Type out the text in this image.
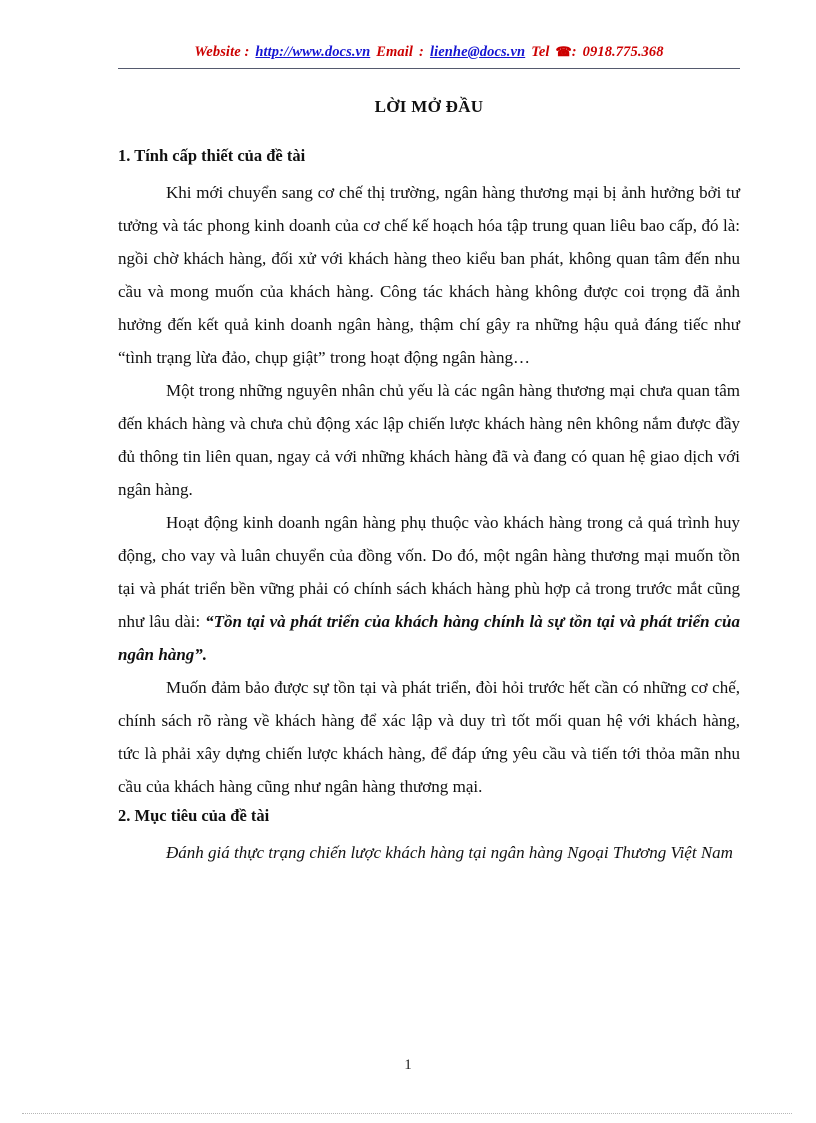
Website : http://www.docs.vn Email : lienhe@docs.vn Tel ☎: 0918.775.368
LỜI MỞ ĐẦU
1. Tính cấp thiết của đề tài

Khi mới chuyển sang cơ chế thị trường, ngân hàng thương mại bị ảnh hưởng bởi tư tưởng và tác phong kinh doanh của cơ chế kế hoạch hóa tập trung quan liêu bao cấp, đó là: ngồi chờ khách hàng, đối xử với khách hàng theo kiểu ban phát, không quan tâm đến nhu cầu và mong muốn của khách hàng. Công tác khách hàng không được coi trọng đã ảnh hưởng đến kết quả kinh doanh ngân hàng, thậm chí gây ra những hậu quả đáng tiếc như “tình trạng lừa đảo, chụp giật” trong hoạt động ngân hàng…

Một trong những nguyên nhân chủ yếu là các ngân hàng thương mại chưa quan tâm đến khách hàng và chưa chủ động xác lập chiến lược khách hàng nên không nắm được đầy đủ thông tin liên quan, ngay cả với những khách hàng đã và đang có quan hệ giao dịch với ngân hàng.

Hoạt động kinh doanh ngân hàng phụ thuộc vào khách hàng trong cả quá trình huy động, cho vay và luân chuyển của đồng vốn. Do đó, một ngân hàng thương mại muốn tồn tại và phát triển bền vững phải có chính sách khách hàng phù hợp cả trong trước mắt cũng như lâu dài: “Tồn tại và phát triển của khách hàng chính là sự tồn tại và phát triển của ngân hàng”.

Muốn đảm bảo được sự tồn tại và phát triển, đòi hỏi trước hết cần có những cơ chế, chính sách rõ ràng về khách hàng để xác lập và duy trì tốt mối quan hệ với khách hàng, tức là phải xây dựng chiến lược khách hàng, để đáp ứng yêu cầu và tiến tới thỏa mãn nhu cầu của khách hàng cũng như ngân hàng thương mại.

2. Mục tiêu của đề tài

Đánh giá thực trạng chiến lược khách hàng tại ngân hàng Ngoại Thương Việt Nam

1
